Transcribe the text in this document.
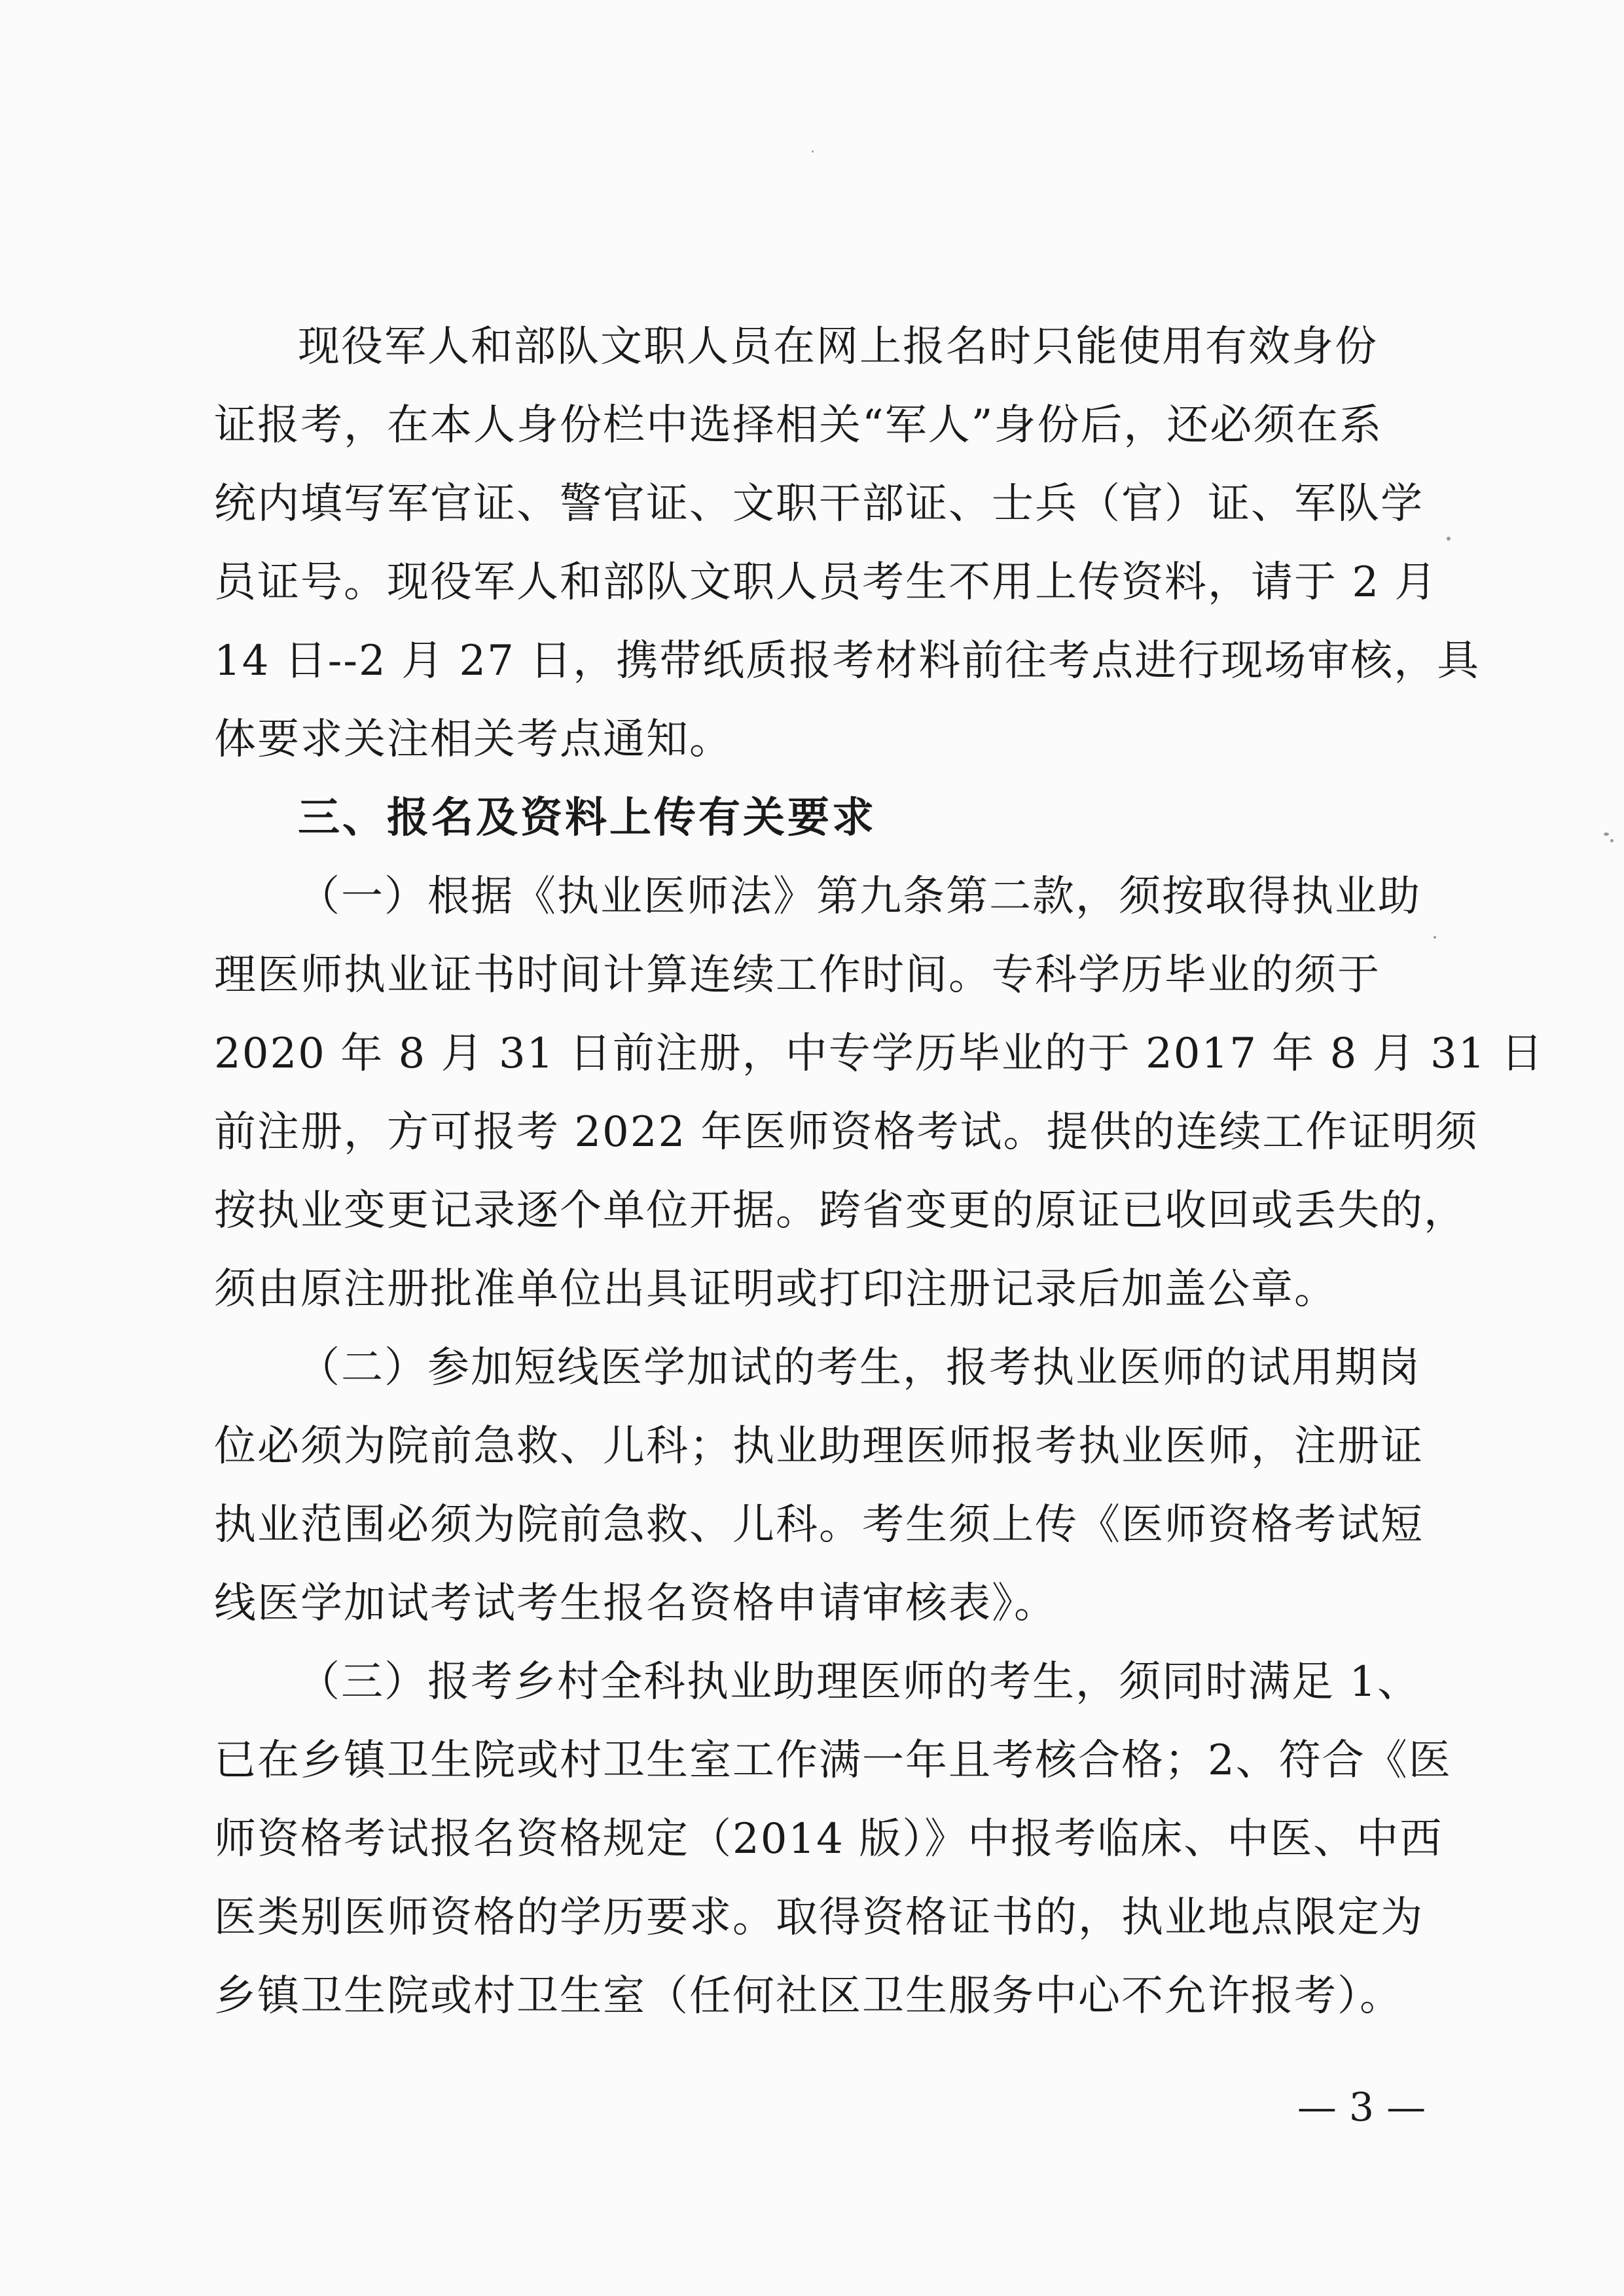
现役军人和部队文职人员在网上报名时只能使用有效身份
证报考，在本人身份栏中选择相关“军人”身份后，还必须在系
统内填写军官证、警官证、文职干部证、士兵（官）证、军队学
员证号。现役军人和部队文职人员考生不用上传资料，请于 2 月
14 日--2 月 27 日，携带纸质报考材料前往考点进行现场审核，具
体要求关注相关考点通知。
三、报名及资料上传有关要求
（一）根据《执业医师法》第九条第二款，须按取得执业助
理医师执业证书时间计算连续工作时间。专科学历毕业的须于
2020 年 8 月 31 日前注册，中专学历毕业的于 2017 年 8 月 31 日
前注册，方可报考 2022 年医师资格考试。提供的连续工作证明须
按执业变更记录逐个单位开据。跨省变更的原证已收回或丢失的，
须由原注册批准单位出具证明或打印注册记录后加盖公章。
（二）参加短线医学加试的考生，报考执业医师的试用期岗
位必须为院前急救、儿科；执业助理医师报考执业医师，注册证
执业范围必须为院前急救、儿科。考生须上传《医师资格考试短
线医学加试考试考生报名资格申请审核表》。
（三）报考乡村全科执业助理医师的考生，须同时满足 1、
已在乡镇卫生院或村卫生室工作满一年且考核合格；2、符合《医
师资格考试报名资格规定（2014 版）》中报考临床、中医、中西
医类别医师资格的学历要求。取得资格证书的，执业地点限定为
乡镇卫生院或村卫生室（任何社区卫生服务中心不允许报考）。
— 3 —
